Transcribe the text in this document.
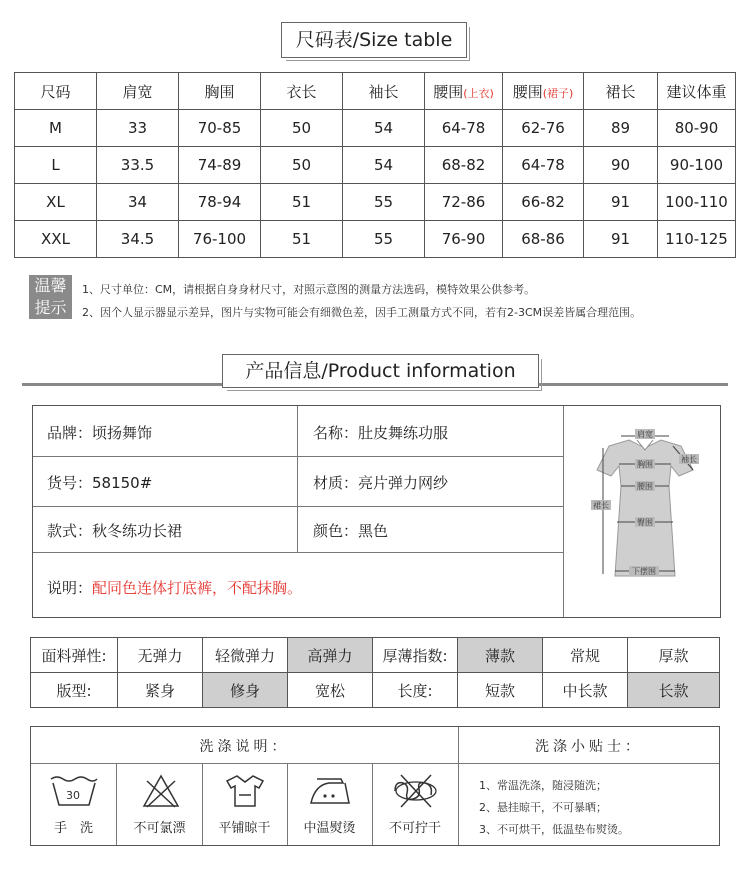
尺码表/Size table
尺码	肩宽	胸围	衣长	袖长	腰围(上衣)	腰围(裙子)	裙长	建议体重
M	33	70-85	50	54	64-78	62-76	89	80-90
L	33.5	74-89	50	54	68-82	64-78	90	90-100
XL	34	78-94	51	55	72-86	66-82	91	100-110
XXL	34.5	76-100	51	55	76-90	68-86	91	110-125
温馨
提示
1、尺寸单位：CM，请根据自身身材尺寸，对照示意图的测量方法选码，模特效果公供参考。
2、因个人显示器显示差异，图片与实物可能会有细微色差，因手工测量方式不同，若有2-3CM误差皆属合理范围。
产品信息/Product information
品牌：顷扬舞饰	名称：肚皮舞练功服
货号：58150#	材质：亮片弹力网纱
款式：秋冬练功长裙	颜色：黑色
说明：配同色连体打底裤，不配抹胸。
肩宽
胸围
袖长
腰围
裙长
臀围
下摆围
面料弹性:	无弹力	轻微弹力	高弹力	厚薄指数:	薄款	常规	厚款
版型:	紧身	修身	宽松	长度:	短款	中长款	长款
洗涤说明：	洗涤小贴士：
30
手　洗	不可氯漂	平铺晾干	中温熨烫	不可拧干
1、常温洗涤，随浸随洗；
2、悬挂晾干，不可暴晒；
3、不可烘干，低温垫布熨烫。
